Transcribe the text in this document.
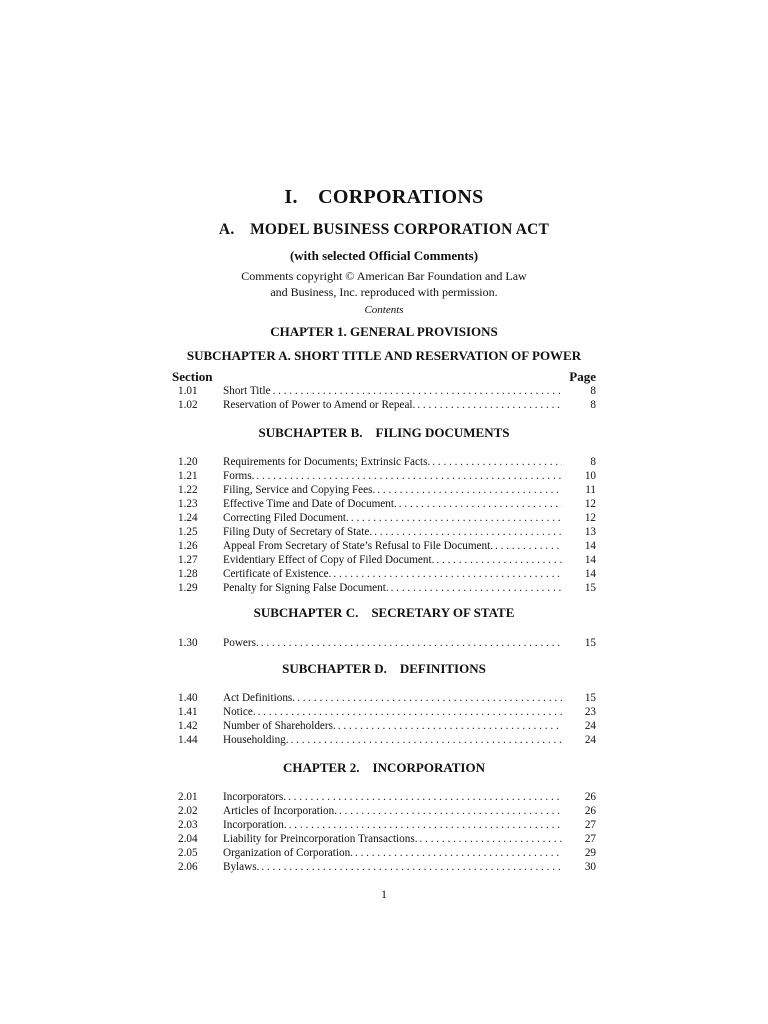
I. CORPORATIONS
A. MODEL BUSINESS CORPORATION ACT
(with selected Official Comments)
Comments copyright © American Bar Foundation and Law
and Business, Inc. reproduced with permission.
Contents
CHAPTER 1. GENERAL PROVISIONS
SUBCHAPTER A. SHORT TITLE AND RESERVATION OF POWER
Section	Page
1.01	Short Title . . .	8
1.02	Reservation of Power to Amend or Repeal. . . .	8
SUBCHAPTER B. FILING DOCUMENTS
1.20	Requirements for Documents; Extrinsic Facts. . . .	8
1.21	Forms. . . .	10
1.22	Filing, Service and Copying Fees. . . .	11
1.23	Effective Time and Date of Document. . . .	12
1.24	Correcting Filed Document. . . .	12
1.25	Filing Duty of Secretary of State. . . .	13
1.26	Appeal From Secretary of State’s Refusal to File Document. . . .	14
1.27	Evidentiary Effect of Copy of Filed Document. . . .	14
1.28	Certificate of Existence. . . .	14
1.29	Penalty for Signing False Document. . . .	15
SUBCHAPTER C. SECRETARY OF STATE
1.30	Powers. . . .	15
SUBCHAPTER D. DEFINITIONS
1.40	Act Definitions. . . .	15
1.41	Notice. . . .	23
1.42	Number of Shareholders. . . .	24
1.44	Householding. . . .	24
CHAPTER 2. INCORPORATION
2.01	Incorporators. . . .	26
2.02	Articles of Incorporation. . . .	26
2.03	Incorporation. . . .	27
2.04	Liability for Preincorporation Transactions. . . .	27
2.05	Organization of Corporation. . . .	29
2.06	Bylaws. . . .	30
1
